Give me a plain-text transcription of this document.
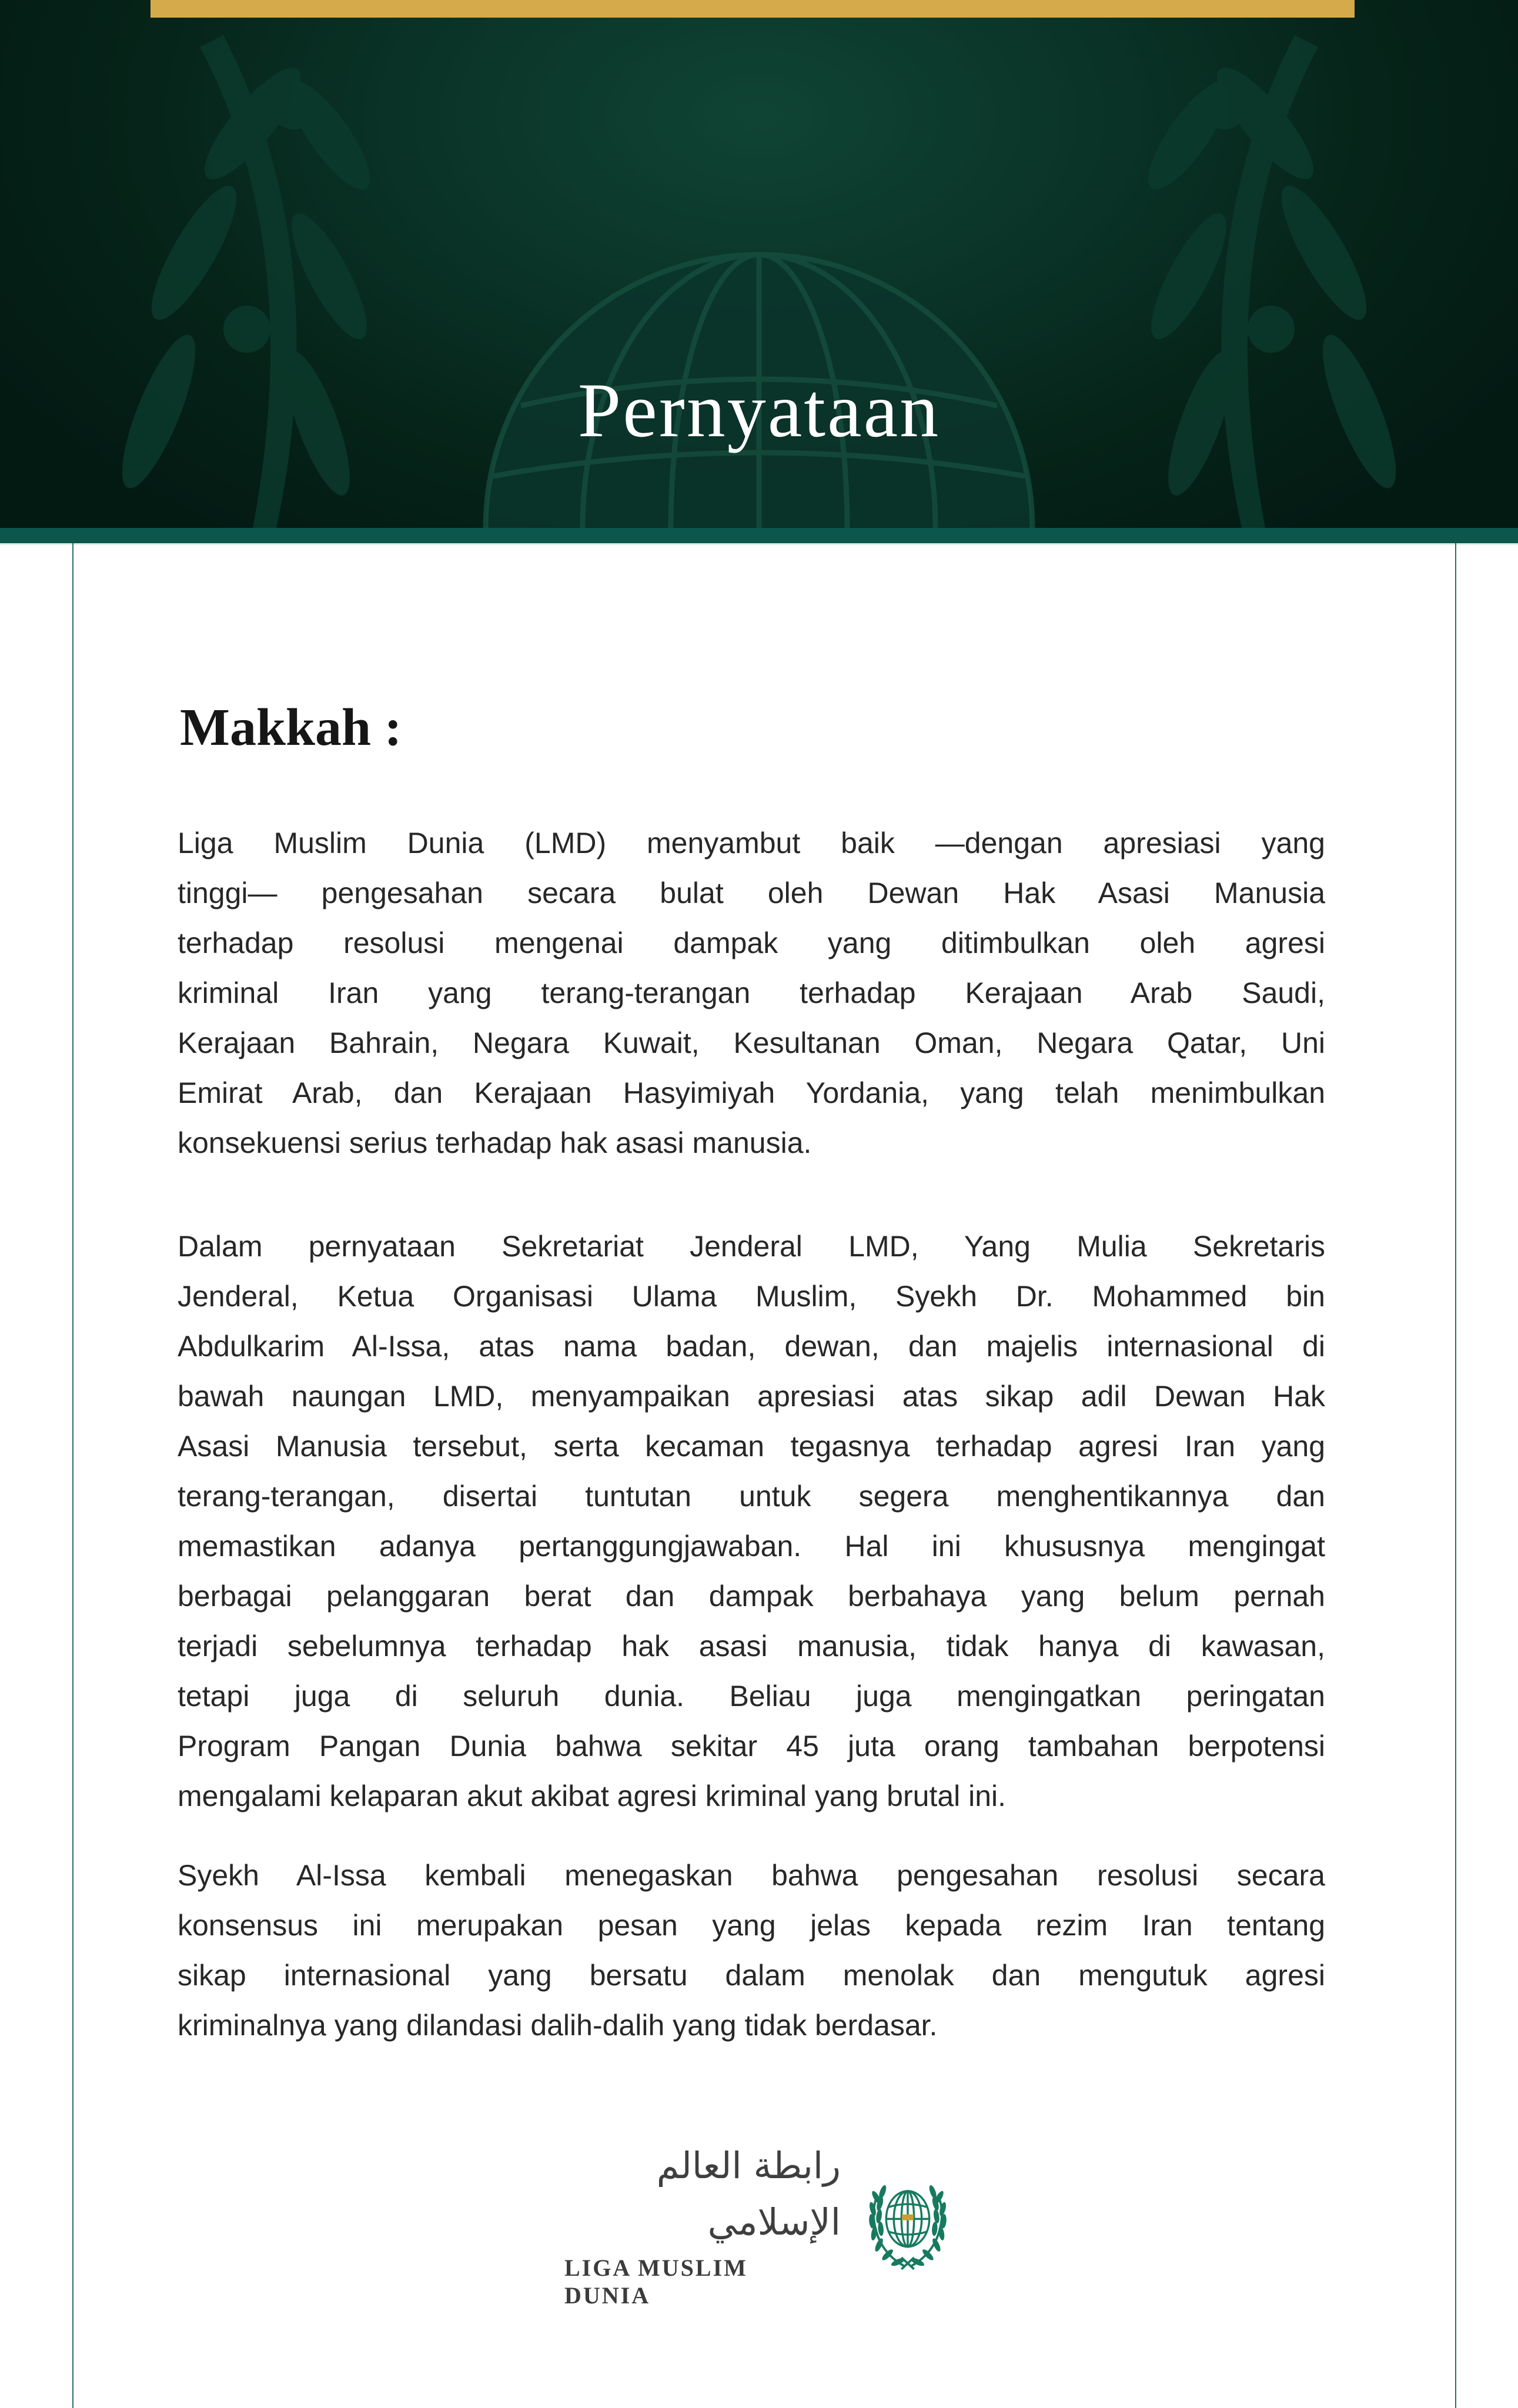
Pernyataan
Makkah :
Liga Muslim Dunia (LMD) menyambut baik —dengan apresiasi yang
tinggi— pengesahan secara bulat oleh Dewan Hak Asasi Manusia
terhadap resolusi mengenai dampak yang ditimbulkan oleh agresi
kriminal Iran yang terang-terangan terhadap Kerajaan Arab Saudi,
Kerajaan Bahrain, Negara Kuwait, Kesultanan Oman, Negara Qatar, Uni
Emirat Arab, dan Kerajaan Hasyimiyah Yordania, yang telah menimbulkan
konsekuensi serius terhadap hak asasi manusia.
Dalam pernyataan Sekretariat Jenderal LMD, Yang Mulia Sekretaris
Jenderal, Ketua Organisasi Ulama Muslim, Syekh Dr. Mohammed bin
Abdulkarim Al-Issa, atas nama badan, dewan, dan majelis internasional di
bawah naungan LMD, menyampaikan apresiasi atas sikap adil Dewan Hak
Asasi Manusia tersebut, serta kecaman tegasnya terhadap agresi Iran yang
terang-terangan, disertai tuntutan untuk segera menghentikannya dan
memastikan adanya pertanggungjawaban. Hal ini khususnya mengingat
berbagai pelanggaran berat dan dampak berbahaya yang belum pernah
terjadi sebelumnya terhadap hak asasi manusia, tidak hanya di kawasan,
tetapi juga di seluruh dunia. Beliau juga mengingatkan peringatan
Program Pangan Dunia bahwa sekitar 45 juta orang tambahan berpotensi
mengalami kelaparan akut akibat agresi kriminal yang brutal ini.
Syekh Al-Issa kembali menegaskan bahwa pengesahan resolusi secara
konsensus ini merupakan pesan yang jelas kepada rezim Iran tentang
sikap internasional yang bersatu dalam menolak dan mengutuk agresi
kriminalnya yang dilandasi dalih-dalih yang tidak berdasar.
رابطة العالم الإسلامي
LIGA MUSLIM DUNIA
